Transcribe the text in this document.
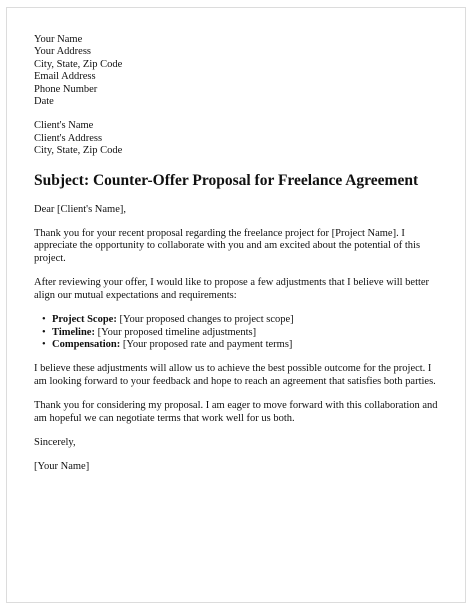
Your Name
Your Address
City, State, Zip Code
Email Address
Phone Number
Date
Client's Name
Client's Address
City, State, Zip Code
Subject: Counter-Offer Proposal for Freelance Agreement

Dear [Client's Name],

Thank you for your recent proposal regarding the freelance project for [Project Name]. I appreciate the opportunity to collaborate with you and am excited about the potential of this project.

After reviewing your offer, I would like to propose a few adjustments that I believe will better align our mutual expectations and requirements:

• Project Scope: [Your proposed changes to project scope]
• Timeline: [Your proposed timeline adjustments]
• Compensation: [Your proposed rate and payment terms]

I believe these adjustments will allow us to achieve the best possible outcome for the project. I am looking forward to your feedback and hope to reach an agreement that satisfies both parties.

Thank you for considering my proposal. I am eager to move forward with this collaboration and am hopeful we can negotiate terms that work well for us both.

Sincerely,

[Your Name]
